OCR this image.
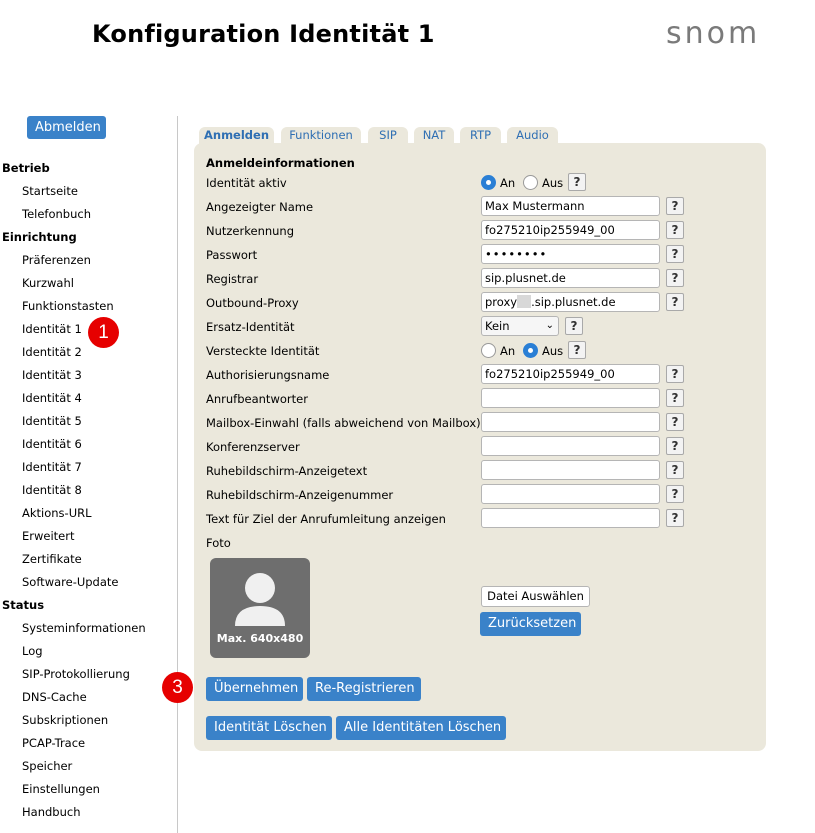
Konfiguration Identität 1	snom
Abmelden
Betrieb
Startseite
Telefonbuch
Einrichtung
Präferenzen
Kurzwahl
Funktionstasten
Identität 1
Identität 2
Identität 3
Identität 4
Identität 5
Identität 6
Identität 7
Identität 8
Aktions-URL
Erweitert
Zertifikate
Software-Update
Status
Systeminformationen
Log
SIP-Protokollierung
DNS-Cache
Subskriptionen
PCAP-Trace
Speicher
Einstellungen
Handbuch
1
3
Anmelden	Funktionen	SIP	NAT	RTP	Audio
Anmeldeinformationen
Identität aktiv	An Aus ?
Angezeigter Name	Max Mustermann	?
Nutzerkennung	fo275210ip255949_00	?
Passwort	••••••••	?
Registrar	sip.plusnet.de	?
Outbound-Proxy	proxy .sip.plusnet.de	?
Ersatz-Identität	Kein	⌄	?
Versteckte Identität	An Aus ?
Authorisierungsname	fo275210ip255949_00	?
Anrufbeantworter	?
Mailbox-Einwahl (falls abweichend von Mailbox)	?
Konferenzserver	?
Ruhebildschirm-Anzeigetext	?
Ruhebildschirm-Anzeigenummer	?
Text für Ziel der Anrufumleitung anzeigen	?
Foto
Max. 640x480
Datei Auswählen
Zurücksetzen
Übernehmen	Re-Registrieren
Identität Löschen	Alle Identitäten Löschen
